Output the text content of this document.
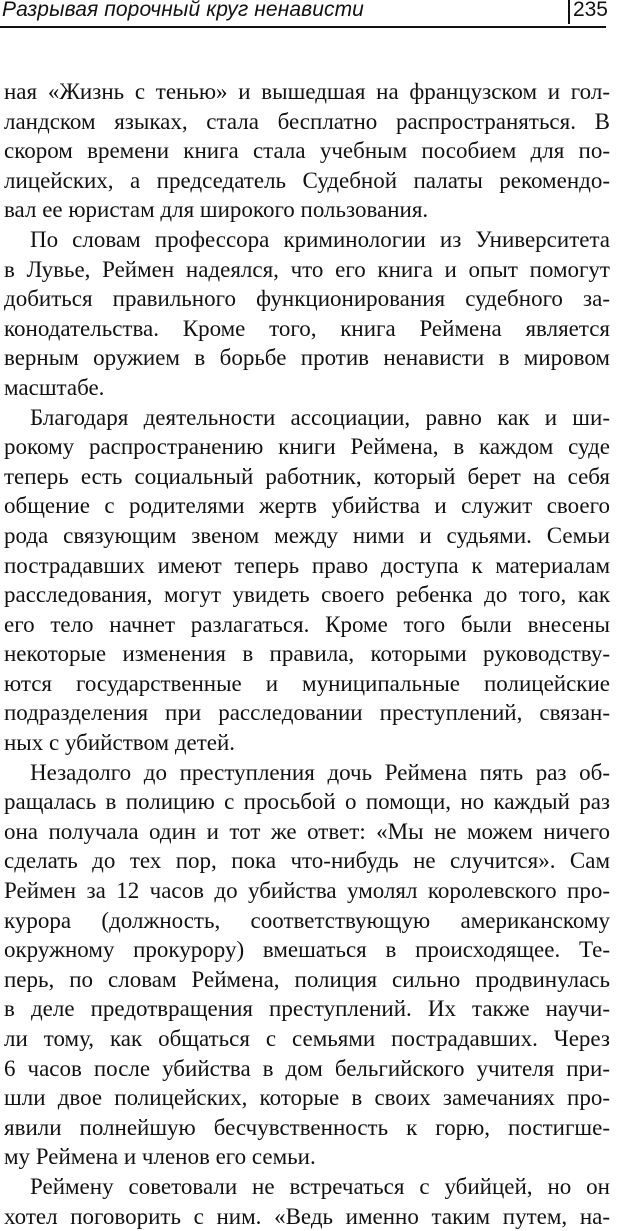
Разрывая порочный круг ненависти	235
ная «Жизнь с тенью» и вышедшая на французском и гол-
ландском языках, стала бесплатно распространяться. В
скором времени книга стала учебным пособием для по-
лицейских, а председатель Судебной палаты рекомендо-
вал ее юристам для широкого пользования.
По словам профессора криминологии из Университета
в Лувье, Реймен надеялся, что его книга и опыт помогут
добиться правильного функционирования судебного за-
конодательства. Кроме того, книга Реймена является
верным оружием в борьбе против ненависти в мировом
масштабе.
Благодаря деятельности ассоциации, равно как и ши-
рокому распространению книги Реймена, в каждом суде
теперь есть социальный работник, который берет на себя
общение с родителями жертв убийства и служит своего
рода связующим звеном между ними и судьями. Семьи
пострадавших имеют теперь право доступа к материалам
расследования, могут увидеть своего ребенка до того, как
его тело начнет разлагаться. Кроме того были внесены
некоторые изменения в правила, которыми руководству-
ются государственные и муниципальные полицейские
подразделения при расследовании преступлений, связан-
ных с убийством детей.
Незадолго до преступления дочь Реймена пять раз об-
ращалась в полицию с просьбой о помощи, но каждый раз
она получала один и тот же ответ: «Мы не можем ничего
сделать до тех пор, пока что-нибудь не случится». Сам
Реймен за 12 часов до убийства умолял королевского про-
курора (должность, соответствующую американскому
окружному прокурору) вмешаться в происходящее. Те-
перь, по словам Реймена, полиция сильно продвинулась
в деле предотвращения преступлений. Их также научи-
ли тому, как общаться с семьями пострадавших. Через
6 часов после убийства в дом бельгийского учителя при-
шли двое полицейских, которые в своих замечаниях про-
явили полнейшую бесчувственность к горю, постигше-
му Реймена и членов его семьи.
Реймену советовали не встречаться с убийцей, но он
хотел поговорить с ним. «Ведь именно таким путем, на-
